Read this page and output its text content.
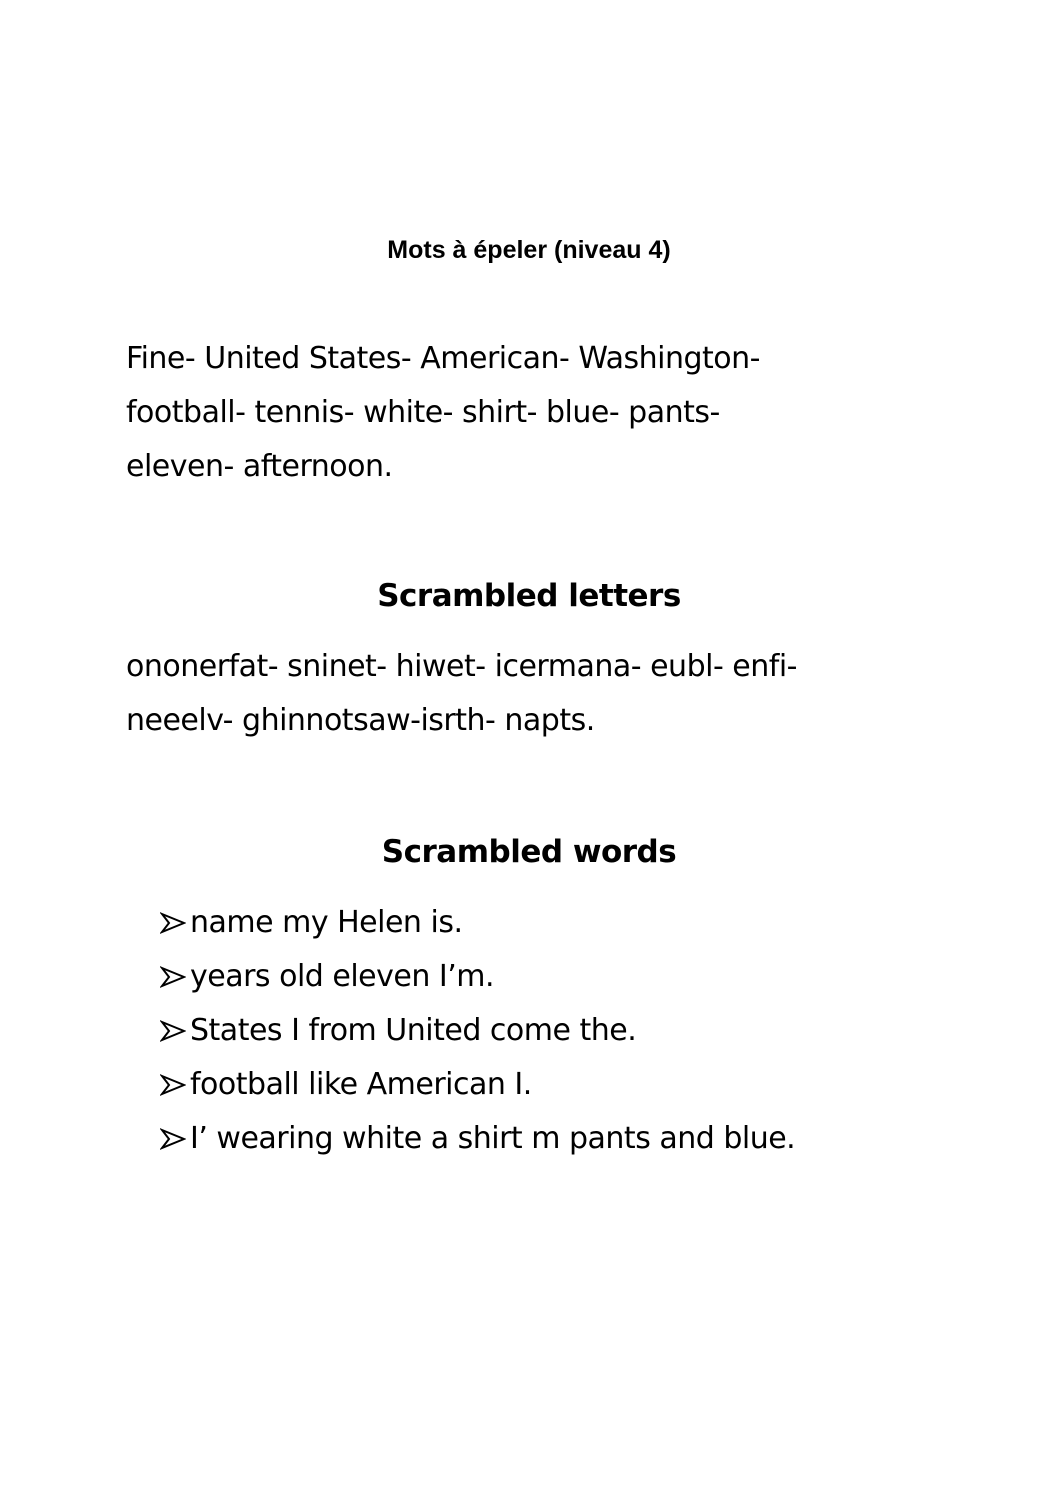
Mots à épeler (niveau 4)
Fine- United States- American- Washington-
football- tennis- white- shirt- blue- pants-
eleven- afternoon.
Scrambled letters
ononerfat- sninet- hiwet- icermana- eubl- enfi-
neeelv- ghinnotsaw-isrth- napts.
Scrambled words
name my Helen is.
years old eleven I’m.
States I from United come the.
football like American I.
I’ wearing white a shirt m pants and blue.
